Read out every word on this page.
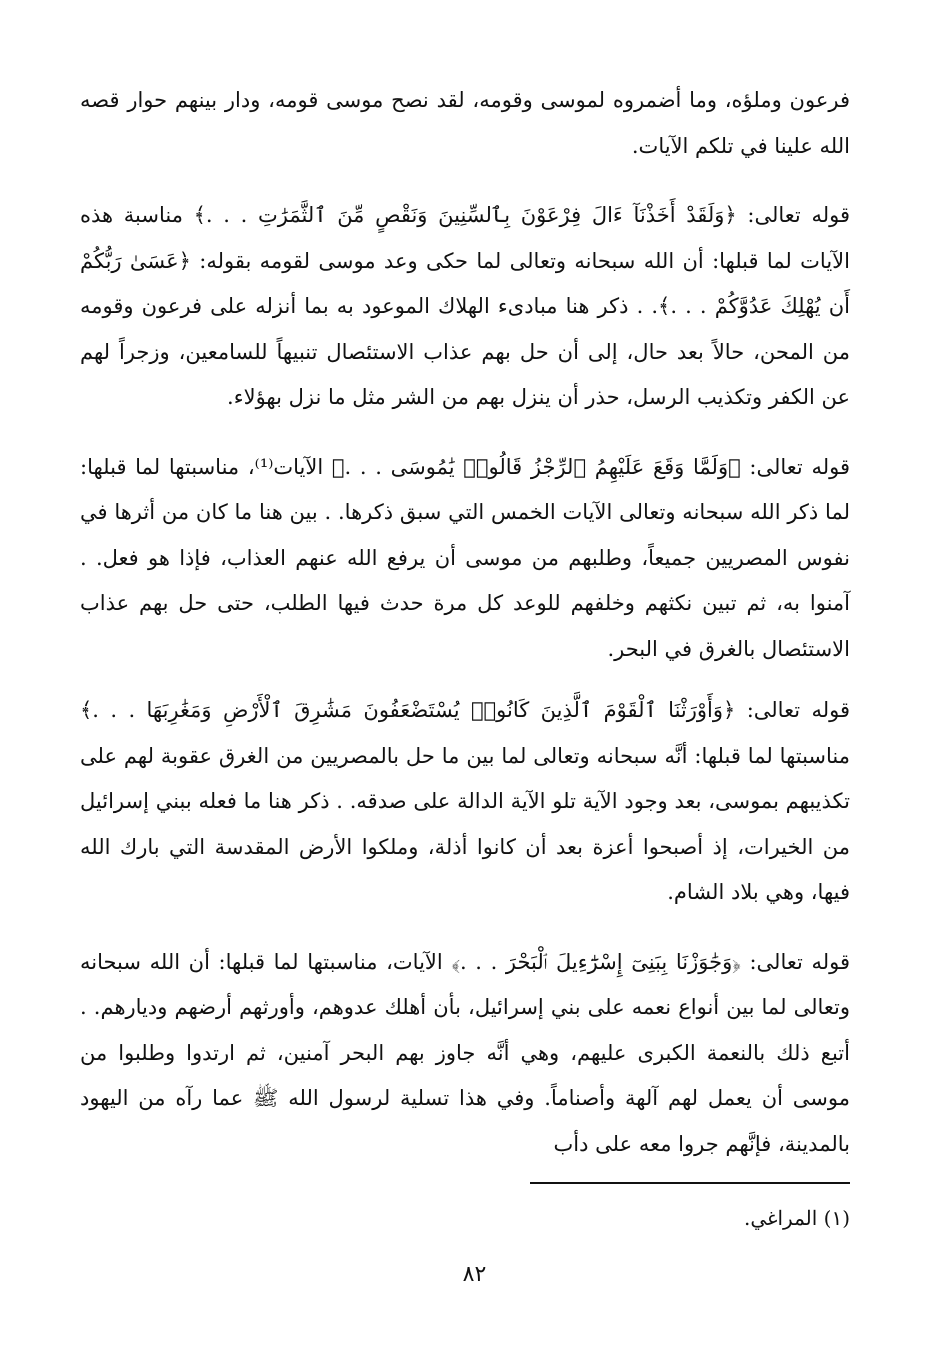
فرعون وملؤه، وما أضمروه لموسى وقومه، لقد نصح موسى قومه، ودار بينهم حوار قصه الله علينا في تلكم الآيات.

قوله تعالى: ﴿وَلَقَدْ أَخَذْنَآ ءَالَ فِرْعَوْنَ بِٱلسِّنِينَ وَنَقْصٍ مِّنَ ٱلثَّمَرَٰتِ . . .﴾ مناسبة هذه الآيات لما قبلها: أن الله سبحانه وتعالى لما حكى وعد موسى لقومه بقوله: ﴿عَسَىٰ رَبُّكُمْ أَن يُهْلِكَ عَدُوَّكُمْ . . .﴾. . ذكر هنا مبادىء الهلاك الموعود به بما أنزله على فرعون وقومه من المحن، حالاً بعد حال، إلى أن حل بهم عذاب الاستئصال تنبيهاً للسامعين، وزجراً لهم عن الكفر وتكذيب الرسل، حذر أن ينزل بهم من الشر مثل ما نزل بهؤلاء.

قوله تعالى: ﴿وَلَمَّا وَقَعَ عَلَيْهِمُ ٱلرِّجْزُ قَالُوا۟ يَٰمُوسَى . . .﴾ الآيات⁽¹⁾، مناسبتها لما قبلها: لما ذكر الله سبحانه وتعالى الآيات الخمس التي سبق ذكرها. . بين هنا ما كان من أثرها في نفوس المصريين جميعاً، وطلبهم من موسى أن يرفع الله عنهم العذاب، فإذا هو فعل. . آمنوا به، ثم تبين نكثهم وخلفهم للوعد كل مرة حدث فيها الطلب، حتى حل بهم عذاب الاستئصال بالغرق في البحر.

قوله تعالى: ﴿وَأَوْرَثْنَا ٱلْقَوْمَ ٱلَّذِينَ كَانُوا۟ يُسْتَضْعَفُونَ مَشَٰرِقَ ٱلْأَرْضِ وَمَغَٰرِبَهَا . . .﴾ مناسبتها لما قبلها: أنَّه سبحانه وتعالى لما بين ما حل بالمصريين من الغرق عقوبة لهم على تكذيبهم بموسى، بعد وجود الآية تلو الآية الدالة على صدقه. . ذكر هنا ما فعله ببني إسرائيل من الخيرات، إذ أصبحوا أعزة بعد أن كانوا أذلة، وملكوا الأرض المقدسة التي بارك الله فيها، وهي بلاد الشام.

قوله تعالى: ﴿وَجَٰوَزْنَا بِبَنِىٓ إِسْرَٰٓءِيلَ ٱلْبَحْرَ . . .﴾ الآيات، مناسبتها لما قبلها: أن الله سبحانه وتعالى لما بين أنواع نعمه على بني إسرائيل، بأن أهلك عدوهم، وأورثهم أرضهم وديارهم. . أتبع ذلك بالنعمة الكبرى عليهم، وهي أنَّه جاوز بهم البحر آمنين، ثم ارتدوا وطلبوا من موسى أن يعمل لهم آلهة وأصناماً. وفي هذا تسلية لرسول الله ﷺ عما رآه من اليهود بالمدينة، فإنَّهم جروا معه على دأب

(١) المراغي.
٨٢
